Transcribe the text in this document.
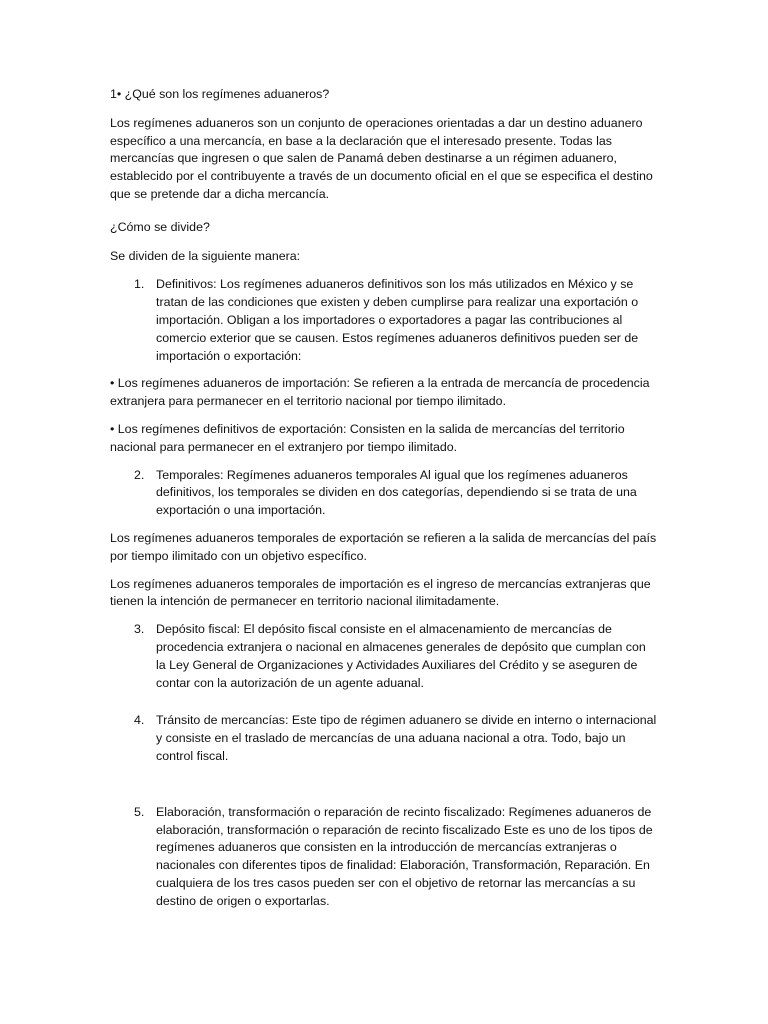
1• ¿Qué son los regímenes aduaneros?

Los regímenes aduaneros son un conjunto de operaciones orientadas a dar un destino aduanero específico a una mercancía, en base a la declaración que el interesado presente. Todas las mercancías que ingresen o que salen de Panamá deben destinarse a un régimen aduanero, establecido por el contribuyente a través de un documento oficial en el que se especifica el destino que se pretende dar a dicha mercancía.

¿Cómo se divide?

Se dividen de la siguiente manera:

1. Definitivos: Los regímenes aduaneros definitivos son los más utilizados en México y se tratan de las condiciones que existen y deben cumplirse para realizar una exportación o importación. Obligan a los importadores o exportadores a pagar las contribuciones al comercio exterior que se causen. Estos regímenes aduaneros definitivos pueden ser de importación o exportación:

• Los regímenes aduaneros de importación: Se refieren a la entrada de mercancía de procedencia extranjera para permanecer en el territorio nacional por tiempo ilimitado.

• Los regímenes definitivos de exportación: Consisten en la salida de mercancías del territorio nacional para permanecer en el extranjero por tiempo ilimitado.

2. Temporales: Regímenes aduaneros temporales Al igual que los regímenes aduaneros definitivos, los temporales se dividen en dos categorías, dependiendo si se trata de una exportación o una importación.

Los regímenes aduaneros temporales de exportación se refieren a la salida de mercancías del país por tiempo ilimitado con un objetivo específico.

Los regímenes aduaneros temporales de importación es el ingreso de mercancías extranjeras que tienen la intención de permanecer en territorio nacional ilimitadamente.

3. Depósito fiscal: El depósito fiscal consiste en el almacenamiento de mercancías de procedencia extranjera o nacional en almacenes generales de depósito que cumplan con la Ley General de Organizaciones y Actividades Auxiliares del Crédito y se aseguren de contar con la autorización de un agente aduanal.

4. Tránsito de mercancías: Este tipo de régimen aduanero se divide en interno o internacional y consiste en el traslado de mercancías de una aduana nacional a otra. Todo, bajo un control fiscal.

5. Elaboración, transformación o reparación de recinto fiscalizado: Regímenes aduaneros de elaboración, transformación o reparación de recinto fiscalizado Este es uno de los tipos de regímenes aduaneros que consisten en la introducción de mercancías extranjeras o nacionales con diferentes tipos de finalidad: Elaboración, Transformación, Reparación. En cualquiera de los tres casos pueden ser con el objetivo de retornar las mercancías a su destino de origen o exportarlas.
